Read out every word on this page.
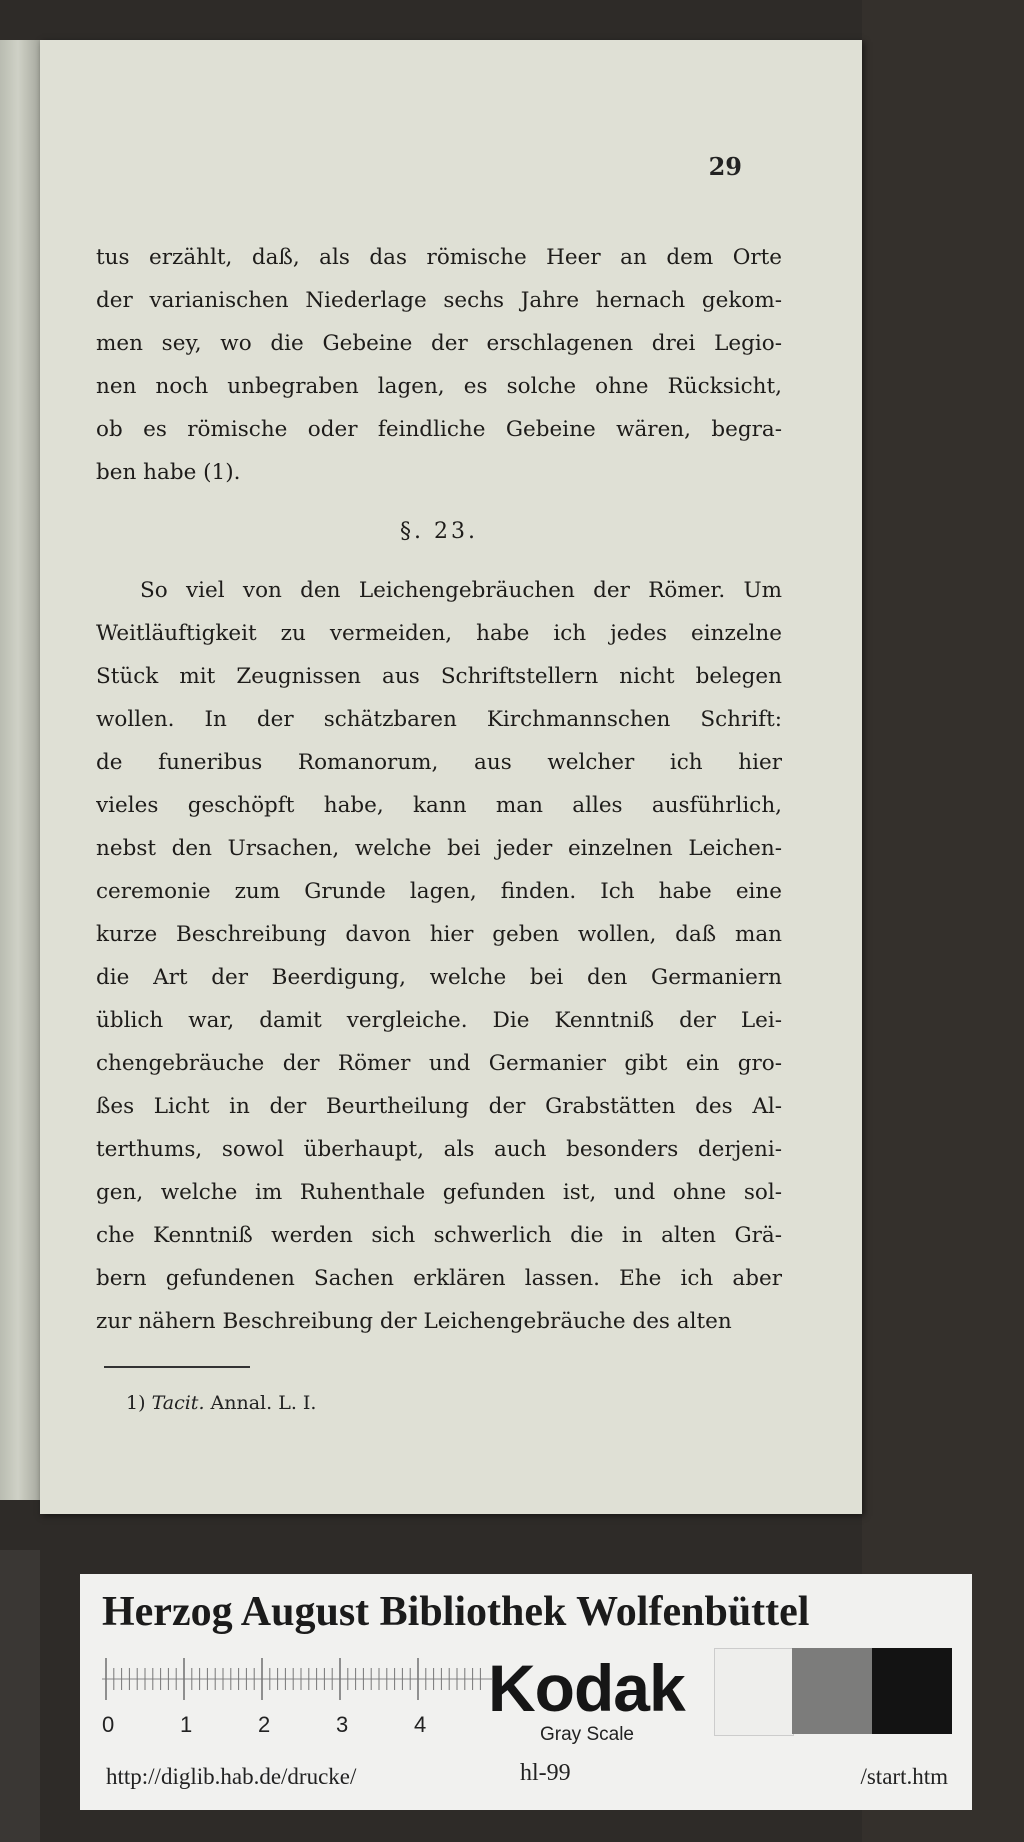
29
tus erzählt, daß, als das römische Heer an dem Orte
der varianischen Niederlage sechs Jahre hernach gekom-
men sey, wo die Gebeine der erschlagenen drei Legio-
nen noch unbegraben lagen, es solche ohne Rücksicht,
ob es römische oder feindliche Gebeine wären, begra-
ben habe (1).
§. 23.
So viel von den Leichengebräuchen der Römer. Um
Weitläuftigkeit zu vermeiden, habe ich jedes einzelne
Stück mit Zeugnissen aus Schriftstellern nicht belegen
wollen. In der schätzbaren Kirchmannschen Schrift:
de funeribus Romanorum, aus welcher ich hier
vieles geschöpft habe, kann man alles ausführlich,
nebst den Ursachen, welche bei jeder einzelnen Leichen-
ceremonie zum Grunde lagen, finden. Ich habe eine
kurze Beschreibung davon hier geben wollen, daß man
die Art der Beerdigung, welche bei den Germaniern
üblich war, damit vergleiche. Die Kenntniß der Lei-
chengebräuche der Römer und Germanier gibt ein gro-
ßes Licht in der Beurtheilung der Grabstätten des Al-
terthums, sowol überhaupt, als auch besonders derjeni-
gen, welche im Ruhenthale gefunden ist, und ohne sol-
che Kenntniß werden sich schwerlich die in alten Grä-
bern gefundenen Sachen erklären lassen. Ehe ich aber
zur nähern Beschreibung der Leichengebräuche des alten
1) Tacit. Annal. L. I.
Herzog August Bibliothek Wolfenbüttel
0	1	2	3	4 Kodak
Gray Scale
http://diglib.hab.de/drucke/	hl-99	/start.htm
